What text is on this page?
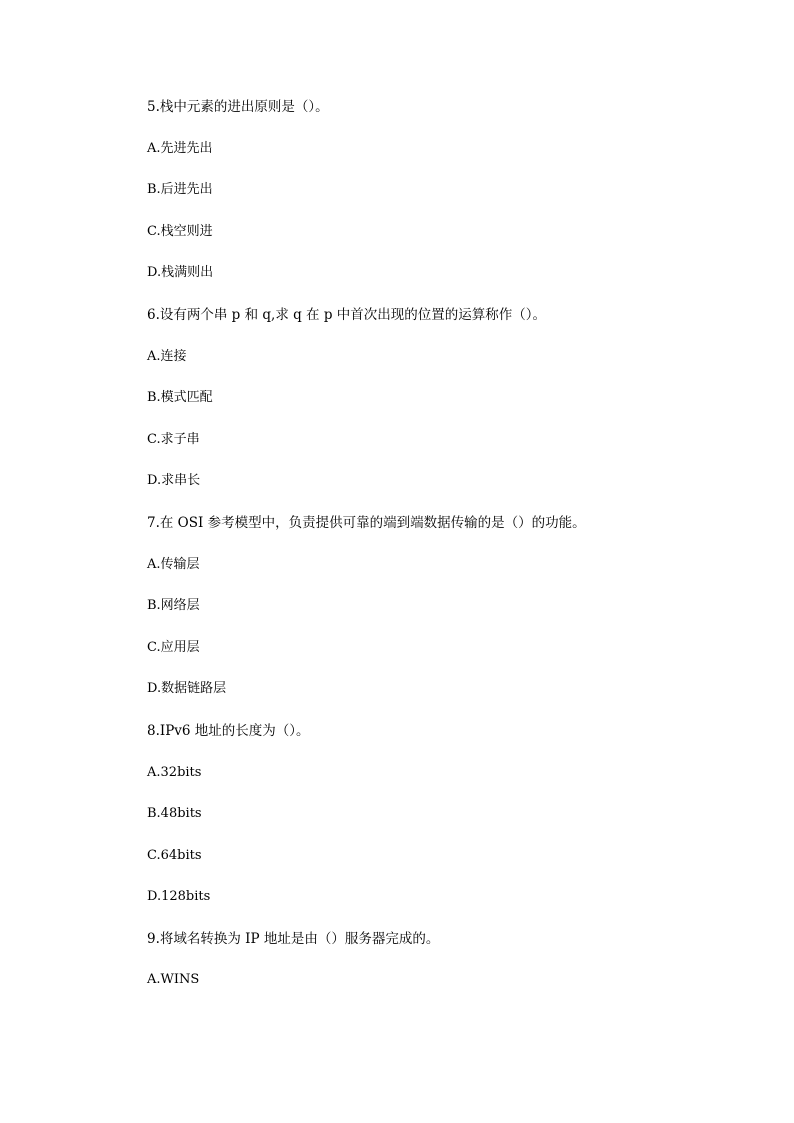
5.栈中元素的进出原则是（）。
A.先进先出
B.后进先出
C.栈空则进
D.栈满则出
6.设有两个串 p 和 q,求 q 在 p 中首次出现的位置的运算称作（）。
A.连接
B.模式匹配
C.求子串
D.求串长
7.在 OSI 参考模型中，负责提供可靠的端到端数据传输的是（）的功能。
A.传输层
B.网络层
C.应用层
D.数据链路层
8.IPv6 地址的长度为（）。
A.32bits
B.48bits
C.64bits
D.128bits
9.将域名转换为 IP 地址是由（）服务器完成的。
A.WINS
